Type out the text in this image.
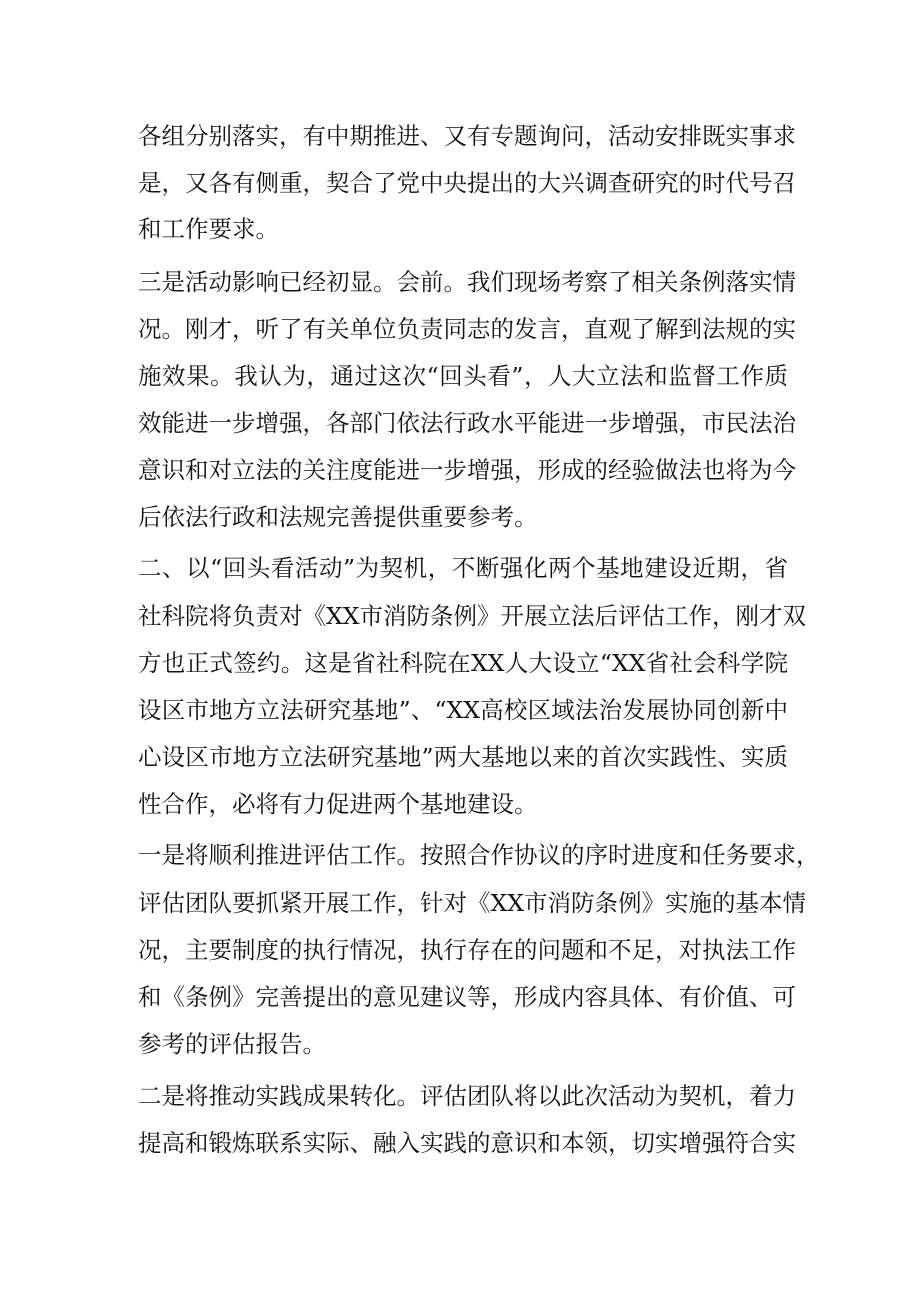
各组分别落实，有中期推进、又有专题询问，活动安排既实事求
是，又各有侧重，契合了党中央提出的大兴调查研究的时代号召
和工作要求。
三是活动影响已经初显。会前。我们现场考察了相关条例落实情
况。刚才，听了有关单位负责同志的发言，直观了解到法规的实
施效果。我认为，通过这次“回头看”，人大立法和监督工作质
效能进一步增强，各部门依法行政水平能进一步增强，市民法治
意识和对立法的关注度能进一步增强，形成的经验做法也将为今
后依法行政和法规完善提供重要参考。
二、以“回头看活动”为契机，不断强化两个基地建设近期，省
社科院将负责对《XX市消防条例》开展立法后评估工作，刚才双
方也正式签约。这是省社科院在XX人大设立“XX省社会科学院
设区市地方立法研究基地”、“XX高校区域法治发展协同创新中
心设区市地方立法研究基地”两大基地以来的首次实践性、实质
性合作，必将有力促进两个基地建设。
一是将顺利推进评估工作。按照合作协议的序时进度和任务要求，
评估团队要抓紧开展工作，针对《XX市消防条例》实施的基本情
况，主要制度的执行情况，执行存在的问题和不足，对执法工作
和《条例》完善提出的意见建议等，形成内容具体、有价值、可
参考的评估报告。
二是将推动实践成果转化。评估团队将以此次活动为契机，着力
提高和锻炼联系实际、融入实践的意识和本领，切实增强符合实
